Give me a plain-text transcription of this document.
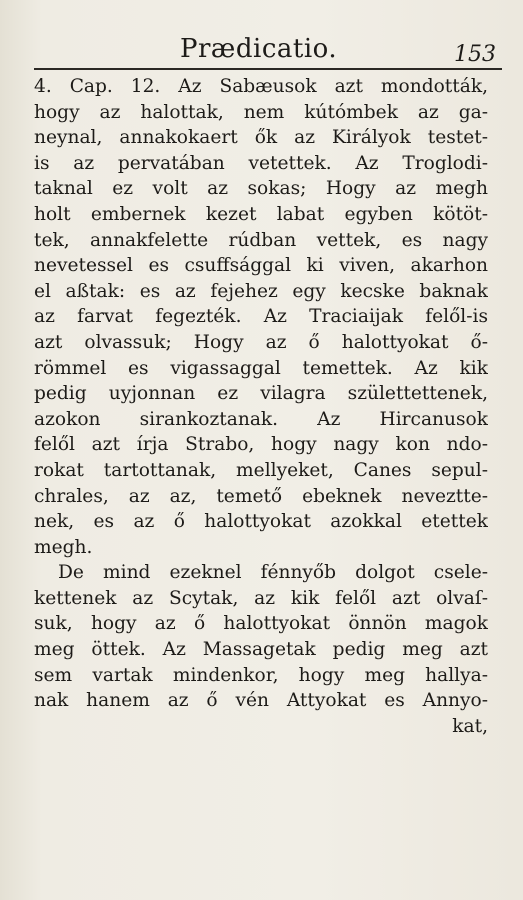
Prædicatio.	153
4. Cap. 12. Az Sabæusok azt mondották,
hogy az halottak, nem kútómbek az ga-
neynal, annakokaert ők az Királyok testet-
is az pervatában vetettek. Az Troglodi-
taknal ez volt az sokas; Hogy az megh
holt embernek kezet labat egyben kötöt-
tek, annakfelette rúdban vettek, es nagy
nevetessel es csuffsággal ki viven, akarhon
el aßtak: es az fejehez egy kecske baknak
az farvat fegezték. Az Traciaijak felől-is
azt olvassuk; Hogy az ő halottyokat ő-
römmel es vigassaggal temettek. Az kik
pedig uyjonnan ez vilagra születtettenek,
azokon sirankoztanak. Az Hircanusok
felől azt írja Strabo, hogy nagy kon ndo-
rokat tartottanak, mellyeket, Canes sepul-
chrales, az az, temető ebeknek neveztte-
nek, es az ő halottyokat azokkal etettek
megh.
De mind ezeknel fénnyőb dolgot csele-
kettenek az Scytak, az kik felől azt olvaſ-
suk, hogy az ő halottyokat önnön magok
meg öttek. Az Massagetak pedig meg azt
sem vartak mindenkor, hogy meg hallya-
nak hanem az ő vén Attyokat es Annyo-
kat,
